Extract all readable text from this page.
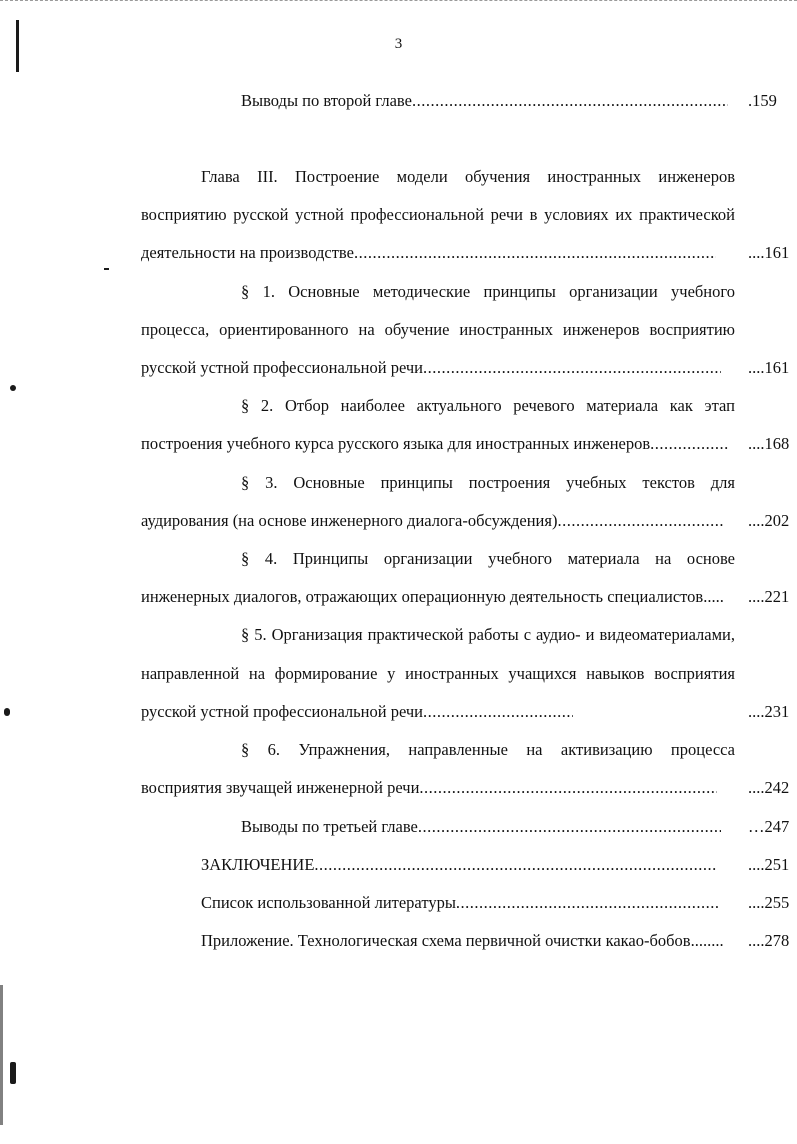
3
Выводы по второй главе .....	.159
Глава III. Построение модели обучения иностранных инженеров
восприятию русской устной профессиональной речи в условиях их практической
деятельности на производстве .....	....161
§ 1. Основные методические принципы организации учебного
процесса, ориентированного на обучение иностранных инженеров восприятию
русской устной профессиональной речи .....	....161
§ 2. Отбор наиболее актуального речевого материала как этап
построения учебного курса русского языка для иностранных инженеров .....	....168
§ 3. Основные принципы построения учебных текстов для
аудирования (на основе инженерного диалога-обсуждения) .....	....202
§ 4. Принципы организации учебного материала на основе
инженерных диалогов, отражающих операционную деятельность специалистов..... ....221
§ 5. Организация практической работы с аудио- и видеоматериалами,
направленной на формирование у иностранных учащихся навыков восприятия
русской устной профессиональной речи .....	....231
§ 6. Упражнения, направленные на активизацию процесса
восприятия звучащей инженерной речи .....	....242
Выводы по третьей главе .....	…247
ЗАКЛЮЧЕНИЕ .....	....251
Список использованной литературы .....	....255
Приложение. Технологическая схема первичной очистки какао-бобов........ ....278
